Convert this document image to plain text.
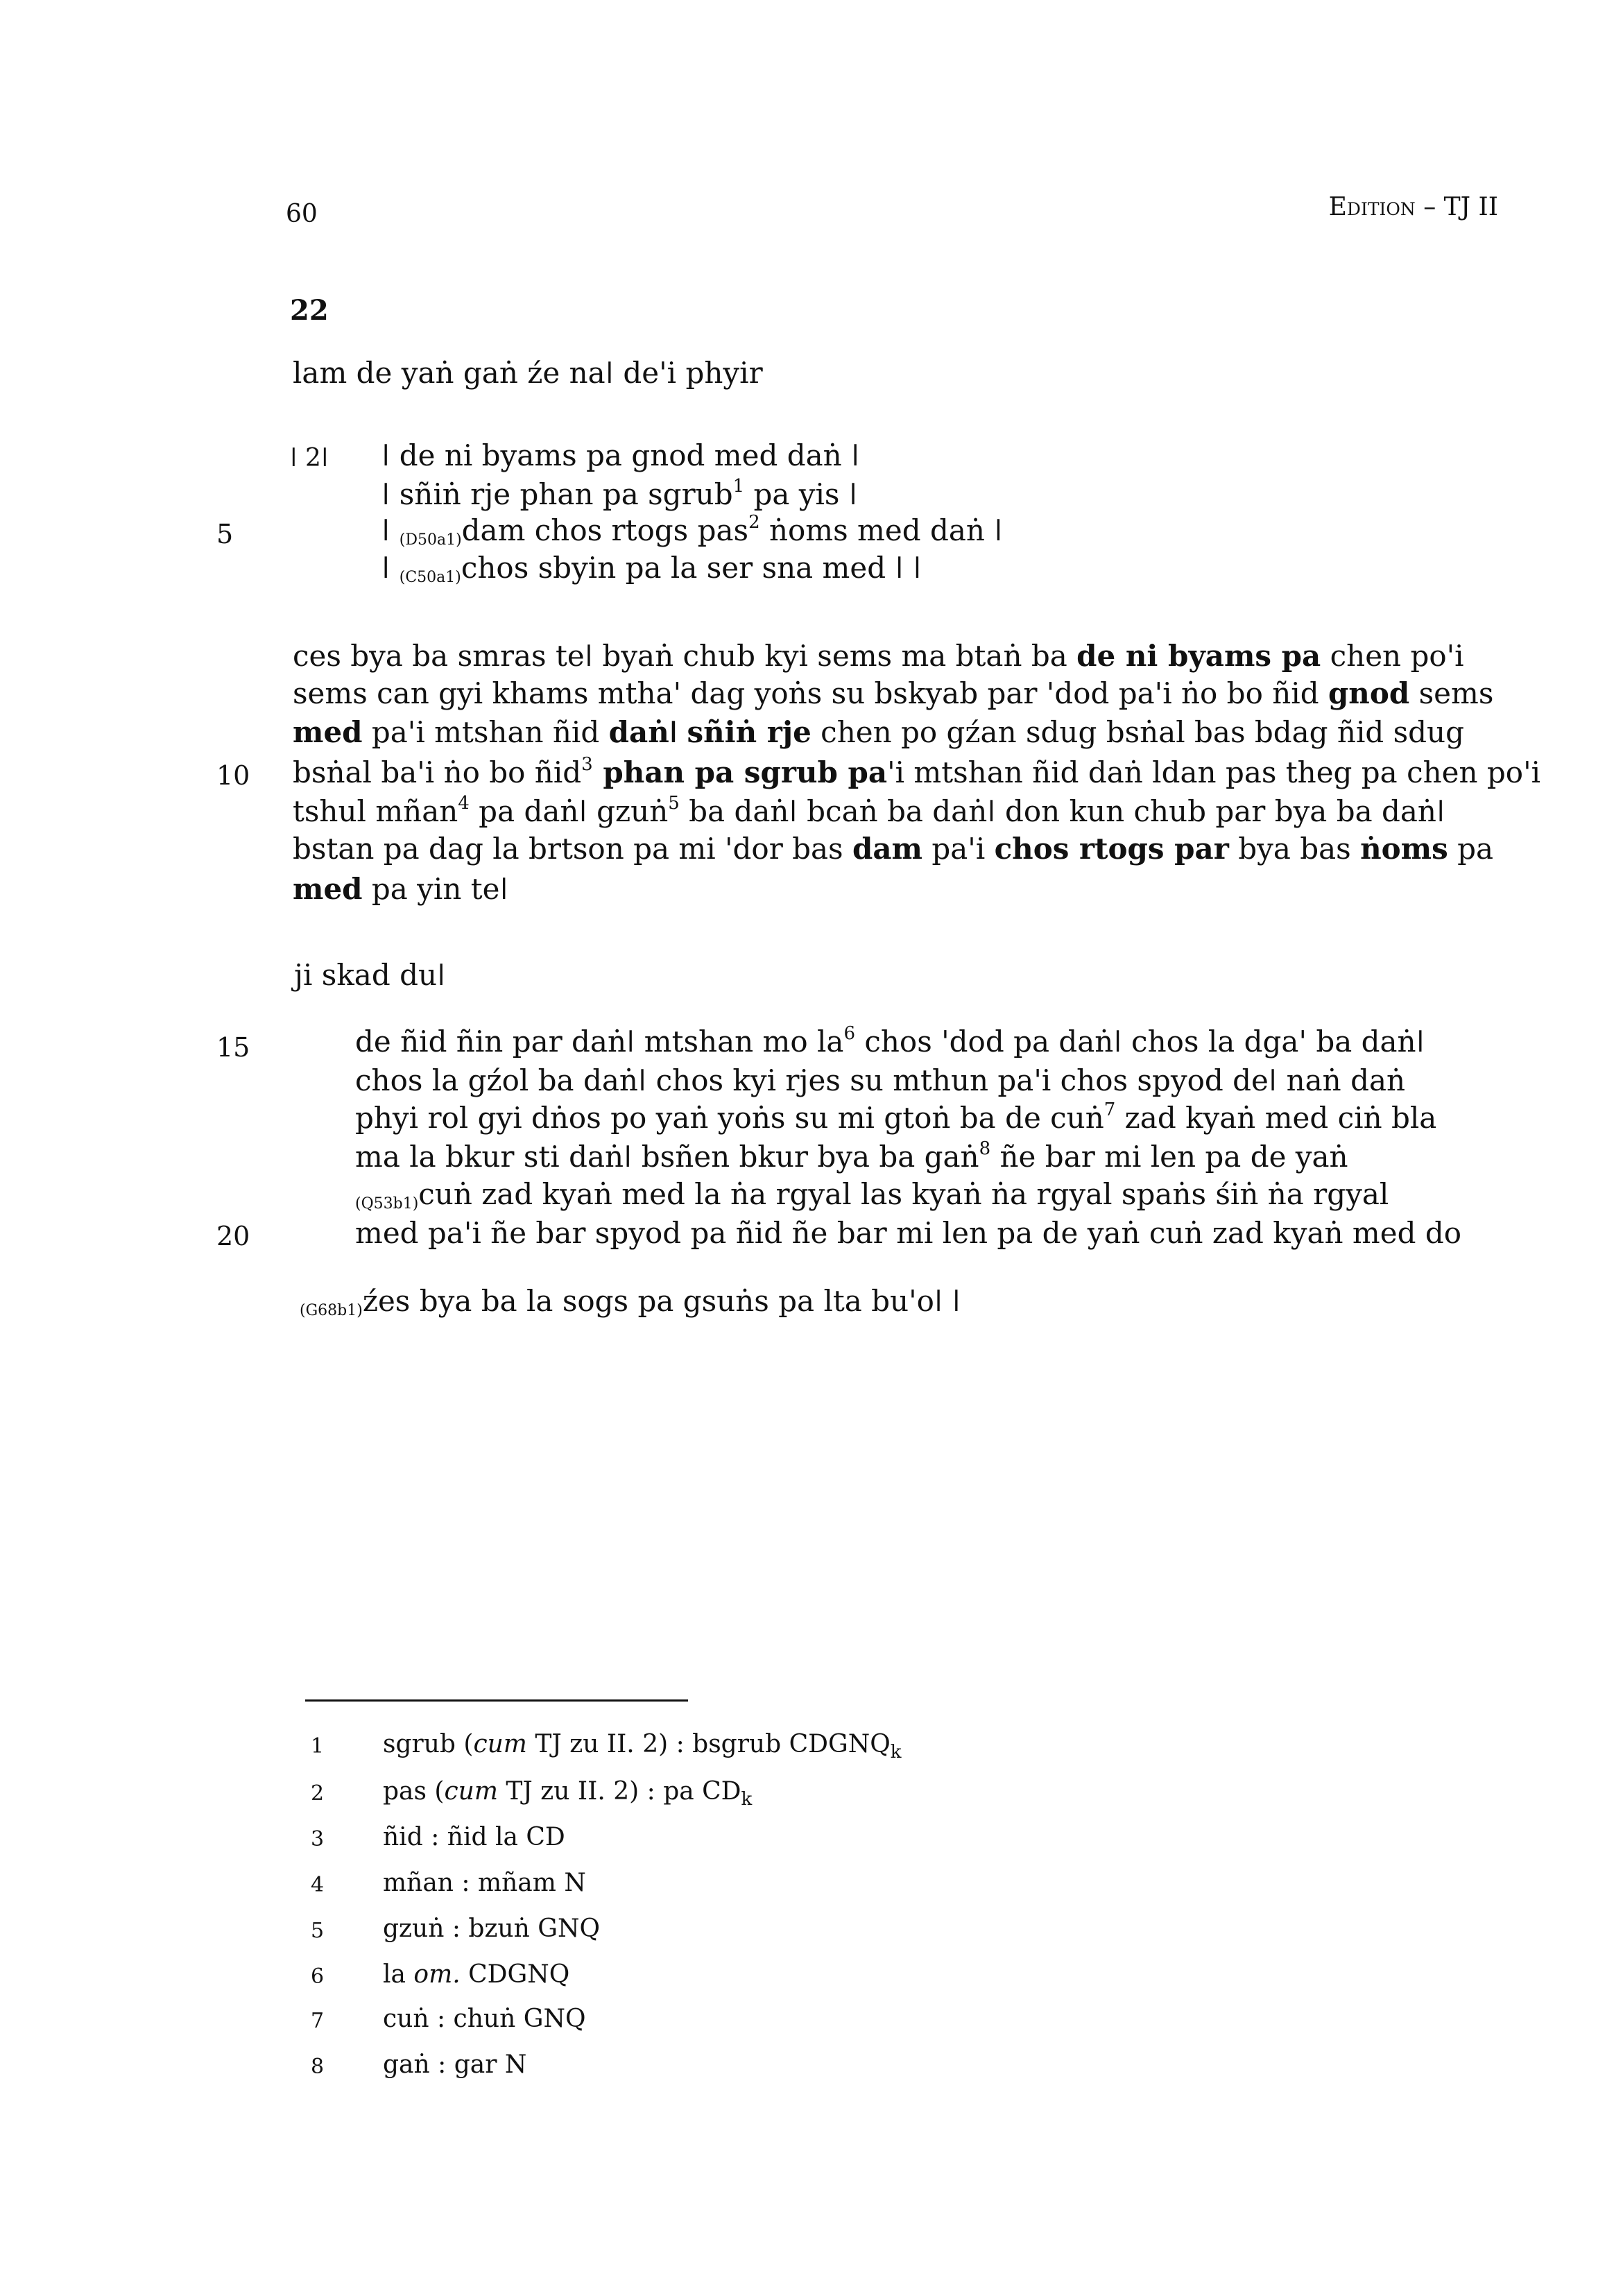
60	Edition – TJ II
22
lam de yaṅ gaṅ źe naǀ de'i phyir
ǀ 2ǀ ǀ de ni byams pa gnod med daṅ ǀ
ǀ sñiṅ rje phan pa sgrub$^1$ pa yis ǀ
ǀ (D50a1)dam chos rtogs pas$^2$ ṅoms med daṅ ǀ
ǀ (C50a1)chos sbyin pa la ser sna med ǀ ǀ
5
10
15
20
ces bya ba smras teǀ byaṅ chub kyi sems ma btaṅ ba de ni byams pa chen po'i
sems can gyi khams mtha' dag yoṅs su bskyab par 'dod pa'i ṅo bo ñid gnod sems
med pa'i mtshan ñid daṅǀ sñiṅ rje chen po gźan sdug bsṅal bas bdag ñid sdug
bsṅal ba'i ṅo bo ñid$^3$ phan pa sgrub pa'i mtshan ñid daṅ ldan pas theg pa chen po'i
tshul mñan$^4$ pa daṅǀ gzuṅ$^5$ ba daṅǀ bcaṅ ba daṅǀ don kun chub par bya ba daṅǀ
bstan pa dag la brtson pa mi 'dor bas dam pa'i chos rtogs par bya bas ṅoms pa
med pa yin teǀ
ji skad duǀ
de ñid ñin par daṅǀ mtshan mo $la^6$ chos 'dod pa daṅǀ chos la dga' ba daṅǀ
chos la gźol ba daṅǀ chos kyi rjes su mthun pa'i chos spyod deǀ naṅ daṅ
phyi rol gyi dṅos po yaṅ yoṅs su mi gtoṅ ba de cuṅ$^7$ zad kyaṅ med ciṅ bla
ma la bkur sti daṅǀ bsñen bkur bya ba gaṅ$^8$ ñe bar mi len pa de yaṅ
(Q53b1)cuṅ zad kyaṅ med la ṅa rgyal las kyaṅ ṅa rgyal spaṅs śiṅ ṅa rgyal
med pa'i ñe bar spyod pa ñid ñe bar mi len pa de yaṅ cuṅ zad kyaṅ med do
(G68b1)źes bya ba la sogs pa gsuṅs pa lta bu'oǀ ǀ
1 sgrub (cum TJ zu II. 2) : bsgrub $CDGNQ_k$
2 pas (cum TJ zu II. 2) : pa $CD_k$
3 ñid : ñid la CD
4 mñan : mñam N
5 gzuṅ : bzuṅ GNQ
6 la om. CDGNQ
7 cuṅ : chuṅ GNQ
8 gaṅ : gar N
